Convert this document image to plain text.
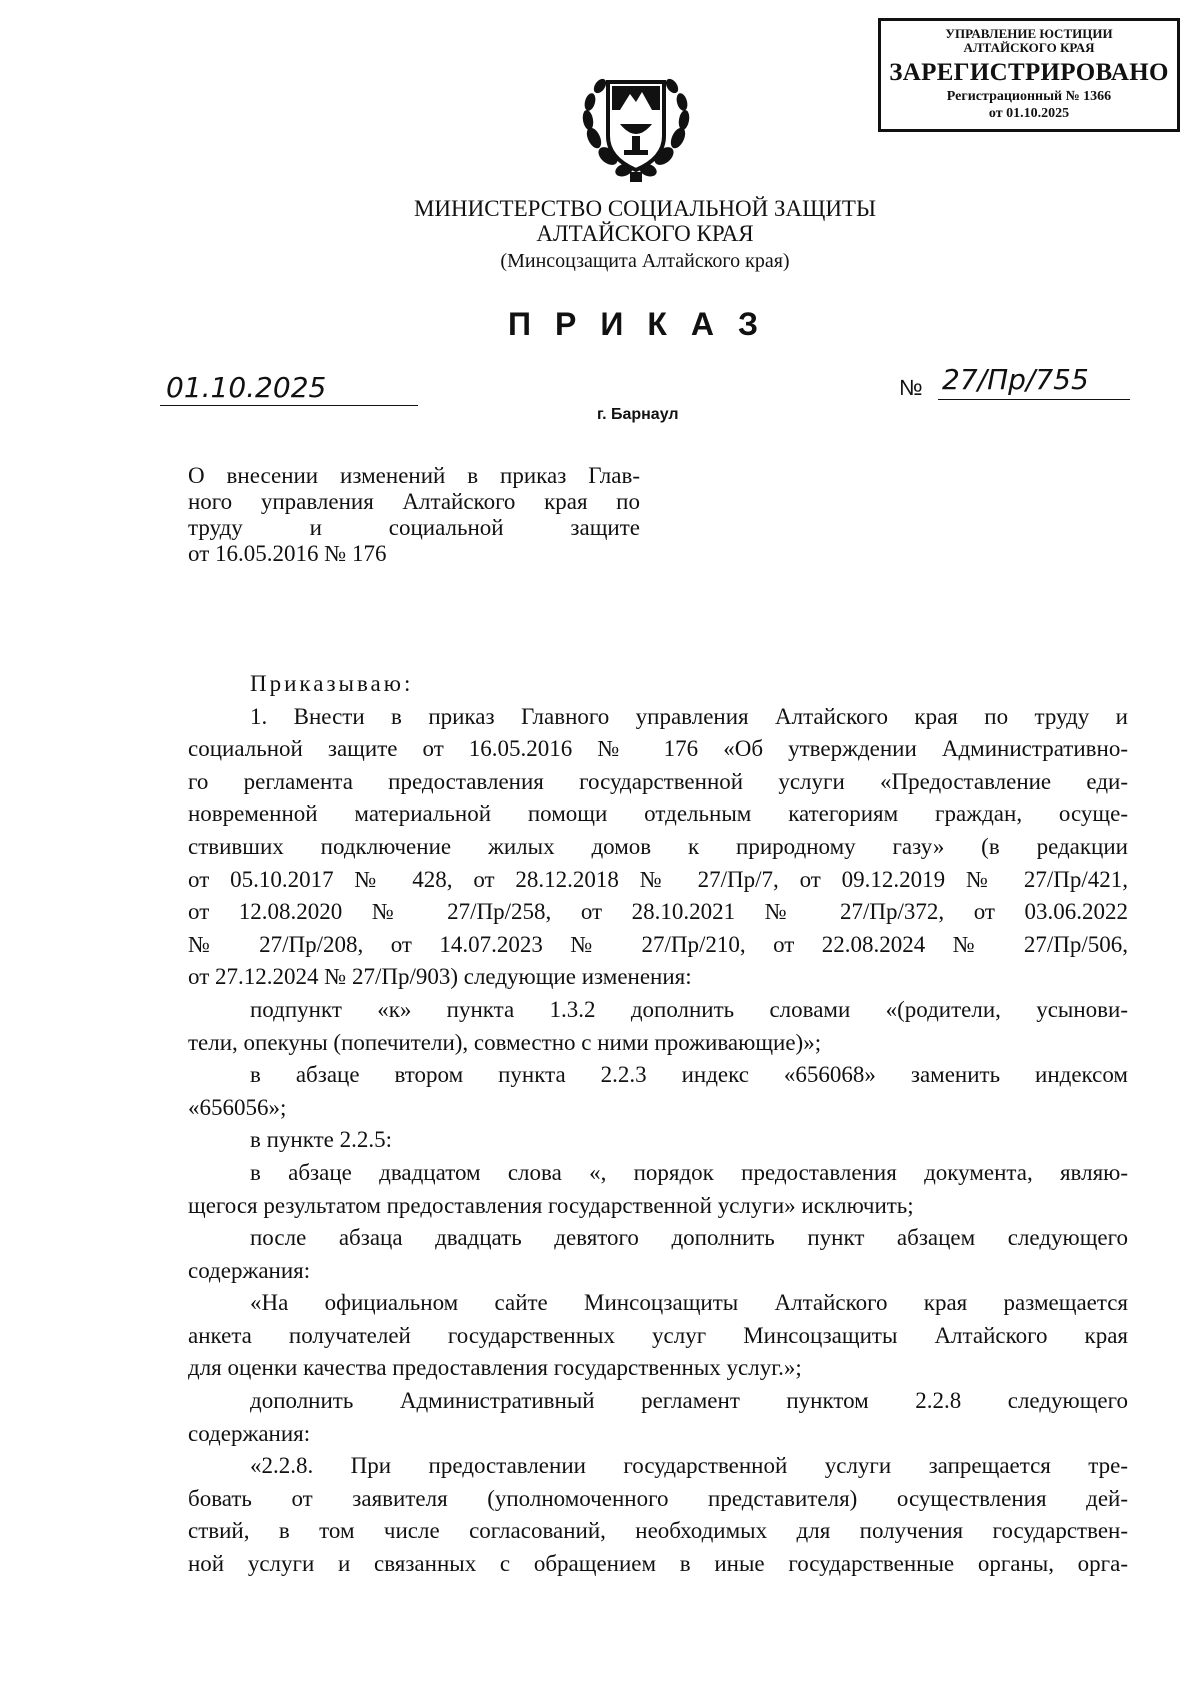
УПРАВЛЕНИЕ ЮСТИЦИИ
АЛТАЙСКОГО КРАЯ
ЗАРЕГИСТРИРОВАНО
Регистрационный № 1366
от 01.10.2025
МИНИСТЕРСТВО СОЦИАЛЬНОЙ ЗАЩИТЫ
АЛТАЙСКОГО КРАЯ
(Минсоцзащита Алтайского края)
ПРИКАЗ
01.10.2025	№ 27/Пр/755
г. Барнаул
О внесении изменений в приказ Глав-
ного управления Алтайского края по
труду и социальной защите
от 16.05.2016 № 176
Приказываю:
1. Внести в приказ Главного управления Алтайского края по труду и
социальной защите от 16.05.2016 № 176 «Об утверждении Административно-
го регламента предоставления государственной услуги «Предоставление еди-
новременной материальной помощи отдельным категориям граждан, осуще-
ствивших подключение жилых домов к природному газу» (в редакции
от 05.10.2017 № 428, от 28.12.2018 № 27/Пр/7, от 09.12.2019 № 27/Пр/421,
от 12.08.2020 № 27/Пр/258, от 28.10.2021 № 27/Пр/372, от 03.06.2022
№ 27/Пр/208, от 14.07.2023 № 27/Пр/210, от 22.08.2024 № 27/Пр/506,
от 27.12.2024 № 27/Пр/903) следующие изменения:
подпункт «к» пункта 1.3.2 дополнить словами «(родители, усынови-
тели, опекуны (попечители), совместно с ними проживающие)»;
в абзаце втором пункта 2.2.3 индекс «656068» заменить индексом
«656056»;
в пункте 2.2.5:
в абзаце двадцатом слова «, порядок предоставления документа, являю-
щегося результатом предоставления государственной услуги» исключить;
после абзаца двадцать девятого дополнить пункт абзацем следующего
содержания:
«На официальном сайте Минсоцзащиты Алтайского края размещается
анкета получателей государственных услуг Минсоцзащиты Алтайского края
для оценки качества предоставления государственных услуг.»;
дополнить Административный регламент пунктом 2.2.8 следующего
содержания:
«2.2.8. При предоставлении государственной услуги запрещается тре-
бовать от заявителя (уполномоченного представителя) осуществления дей-
ствий, в том числе согласований, необходимых для получения государствен-
ной услуги и связанных с обращением в иные государственные органы, орга-
